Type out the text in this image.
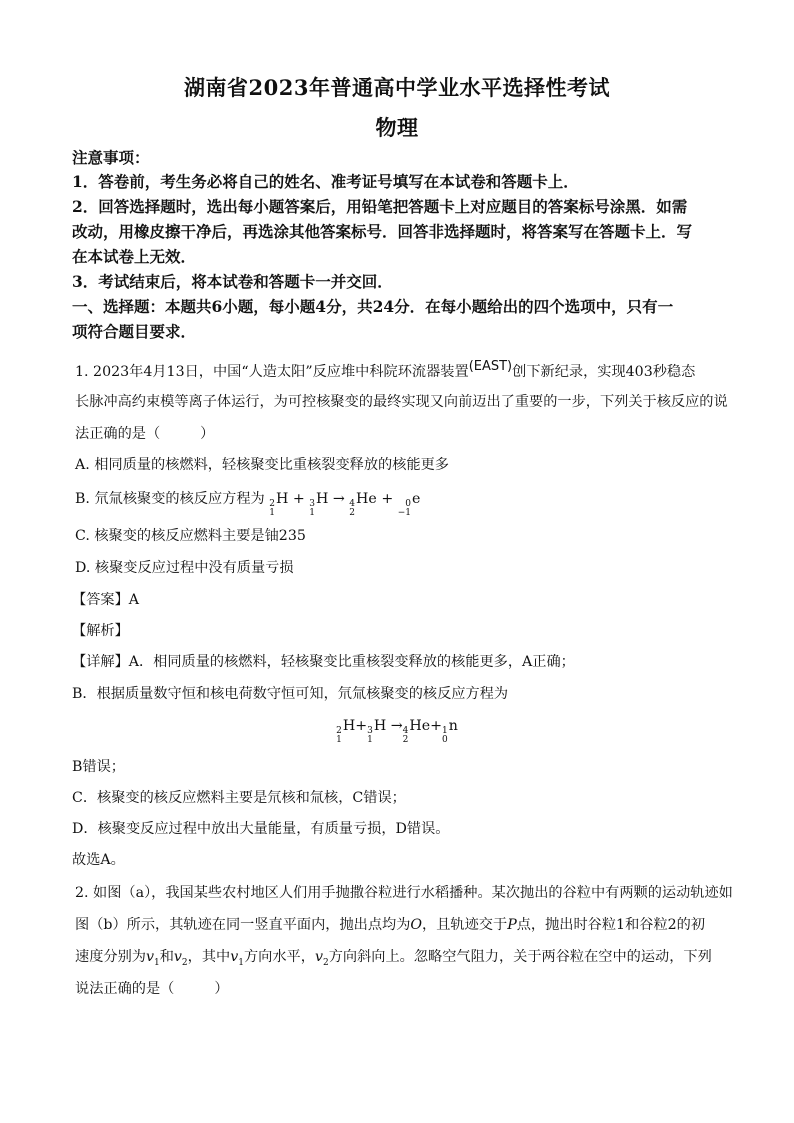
湖南省2023年普通高中学业水平选择性考试
物理
注意事项：
1．答卷前，考生务必将自己的姓名、准考证号填写在本试卷和答题卡上．
2．回答选择题时，选出每小题答案后，用铅笔把答题卡上对应题目的答案标号涂黑．如需
改动，用橡皮擦干净后，再选涂其他答案标号．回答非选择题时，将答案写在答题卡上．写
在本试卷上无效．
3．考试结束后，将本试卷和答题卡一并交回．
一、选择题：本题共6小题，每小题4分，共24分．在每小题给出的四个选项中，只有一
项符合题目要求．
1. 2023年4月13日，中国“人造太阳”反应堆中科院环流器装置(EAST)创下新纪录，实现403秒稳态
长脉冲高约束模等离子体运行，为可控核聚变的最终实现又向前迈出了重要的一步，下列关于核反应的说
法正确的是（	）
A. 相同质量的核燃料，轻核聚变比重核裂变释放的核能更多
B. 氘氚核聚变的核反应方程为 2
1
H + 3
1
H → 4
2
He +	0
−1
e
C. 核聚变的核反应燃料主要是铀235
D. 核聚变反应过程中没有质量亏损
【答案】A
【解析】
【详解】A．相同质量的核燃料，轻核聚变比重核裂变释放的核能更多，A正确；
B．根据质量数守恒和核电荷数守恒可知，氘氚核聚变的核反应方程为
2
1
H+ 3
1
H → 4
2
He+ 1
0
n
B错误；
C．核聚变的核反应燃料主要是氘核和氚核，C错误；
D．核聚变反应过程中放出大量能量，有质量亏损，D错误。
故选A。
2. 如图（a），我国某些农村地区人们用手抛撒谷粒进行水稻播种。某次抛出的谷粒中有两颗的运动轨迹如
图（b）所示，其轨迹在同一竖直平面内，抛出点均为O，且轨迹交于P点，抛出时谷粒1和谷粒2的初
速度分别为$v_1$和$v_2$，其中$v_1$方向水平，$v_2$方向斜向上。忽略空气阻力，关于两谷粒在空中的运动，下列
说法正确的是（	）
